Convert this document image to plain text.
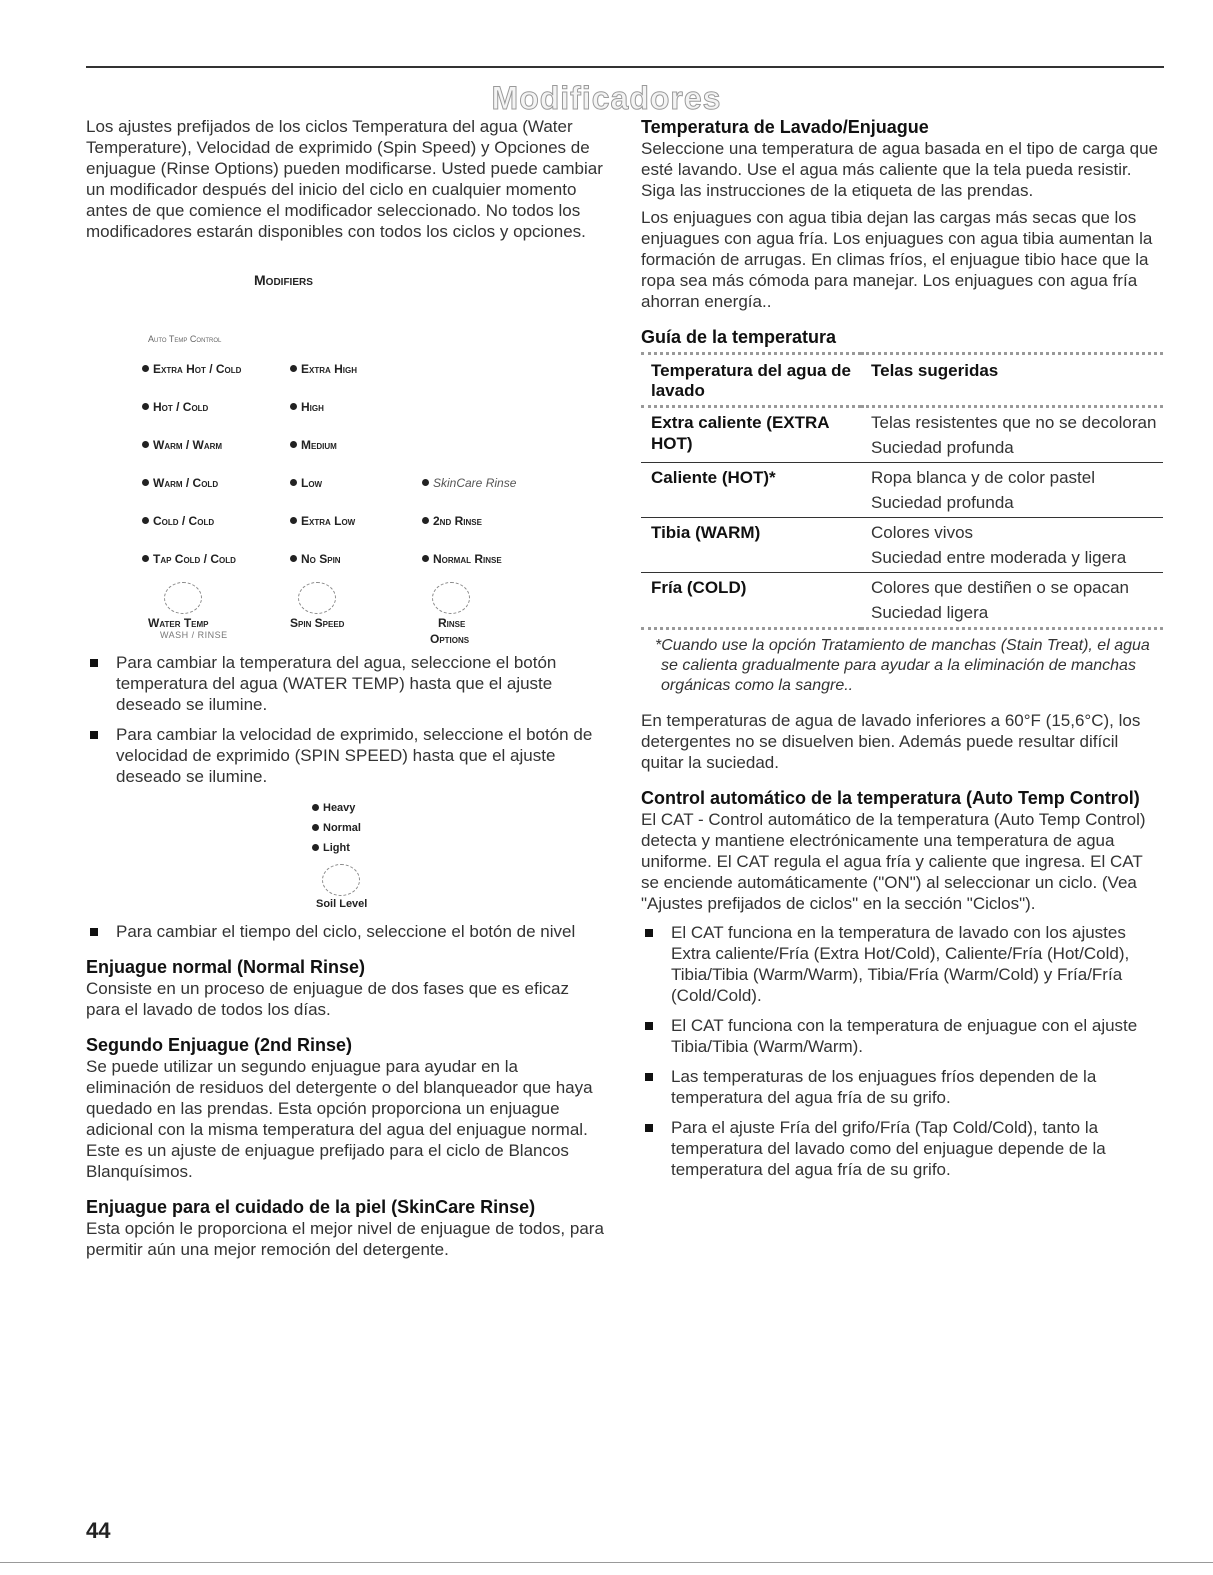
Modificadores

Los ajustes prefijados de los ciclos Temperatura del agua (Water Temperature), Velocidad de exprimido (Spin Speed) y Opciones de enjuague (Rinse Options) pueden modificarse. Usted puede cambiar un modificador después del inicio del ciclo en cualquier momento antes de que comience el modificador seleccionado. No todos los modificadores estarán disponibles con todos los ciclos y opciones.

Modifiers
Auto Temp Control
Extra Hot / Cold
Hot / Cold
Warm / Warm
Warm / Cold
Cold / Cold
Tap Cold / Cold
Extra High
High
Medium
Low
Extra Low
No Spin
SkinCare Rinse
2nd Rinse
Normal Rinse
Water Temp
WASH / RINSE
Spin Speed	Rinse
Options
Para cambiar la temperatura del agua, seleccione el botón temperatura del agua (WATER TEMP) hasta que el ajuste deseado se ilumine.
Para cambiar la velocidad de exprimido, seleccione el botón de velocidad de exprimido (SPIN SPEED) hasta que el ajuste deseado se ilumine.
Heavy
Normal
Light
Soil Level
Para cambiar el tiempo del ciclo, seleccione el botón de nivel
Enjuague normal (Normal Rinse)

Consiste en un proceso de enjuague de dos fases que es eficaz para el lavado de todos los días.

Segundo Enjuague (2nd Rinse)

Se puede utilizar un segundo enjuague para ayudar en la eliminación de residuos del detergente o del blanqueador que haya quedado en las prendas. Esta opción proporciona un enjuague adicional con la misma temperatura del agua del enjuague normal. Este es un ajuste de enjuague prefijado para el ciclo de Blancos Blanquísimos.

Enjuague para el cuidado de la piel (SkinCare Rinse)

Esta opción le proporciona el mejor nivel de enjuague de todos, para permitir aún una mejor remoción del detergente.

Temperatura de Lavado/Enjuague

Seleccione una temperatura de agua basada en el tipo de carga que esté lavando. Use el agua más caliente que la tela pueda resistir. Siga las instrucciones de la etiqueta de las prendas.

Los enjuagues con agua tibia dejan las cargas más secas que los enjuagues con agua fría. Los enjuagues con agua tibia aumentan la formación de arrugas. En climas fríos, el enjuague tibio hace que la ropa sea más cómoda para manejar. Los enjuagues con agua fría ahorran energía..

Guía de la temperatura
Temperatura del agua de lavado	Telas sugeridas
Extra caliente (EXTRA HOT)	Telas resistentes que no se decoloran
Suciedad profunda

Caliente (HOT)*	Ropa blanca y de color pastel
Suciedad profunda

Tibia (WARM)	Colores vivos
Suciedad entre moderada y ligera

Fría (COLD)	Colores que destiñen o se opacan
Suciedad ligera

*Cuando use la opción Tratamiento de manchas (Stain Treat), el agua se calienta gradualmente para ayudar a la eliminación de manchas orgánicas como la sangre..

En temperaturas de agua de lavado inferiores a 60°F (15,6°C), los detergentes no se disuelven bien. Además puede resultar difícil quitar la suciedad.

Control automático de la temperatura (Auto Temp Control)

El CAT - Control automático de la temperatura (Auto Temp Control) detecta y mantiene electrónicamente una temperatura de agua uniforme. El CAT regula el agua fría y caliente que ingresa. El CAT se enciende automáticamente ("ON") al seleccionar un ciclo. (Vea "Ajustes prefijados de ciclos" en la sección "Ciclos").

El CAT funciona en la temperatura de lavado con los ajustes Extra caliente/Fría (Extra Hot/Cold), Caliente/Fría (Hot/Cold), Tibia/Tibia (Warm/Warm), Tibia/Fría (Warm/Cold) y Fría/Fría (Cold/Cold).
El CAT funciona con la temperatura de enjuague con el ajuste Tibia/Tibia (Warm/Warm).
Las temperaturas de los enjuagues fríos dependen de la temperatura del agua fría de su grifo.
Para el ajuste Fría del grifo/Fría (Tap Cold/Cold), tanto la temperatura del lavado como del enjuague depende de la temperatura del agua fría de su grifo.
44
